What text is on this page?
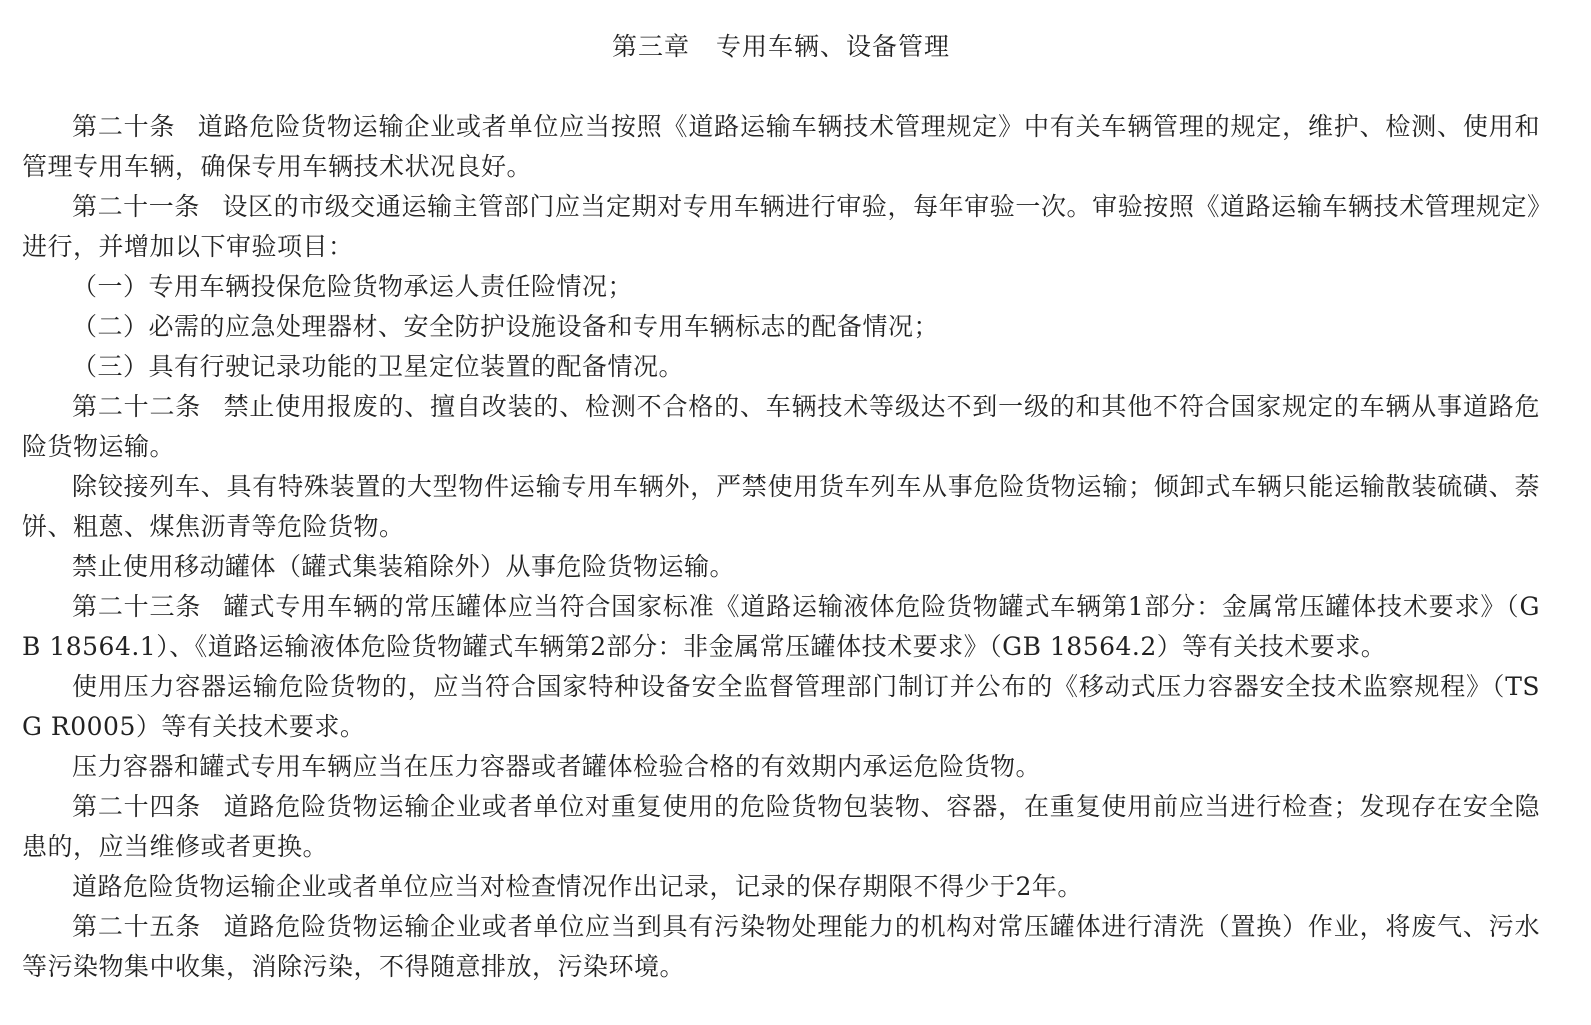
第三章　专用车辆、设备管理

第二十条 道路危险货物运输企业或者单位应当按照《道路运输车辆技术管理规定》中有关车辆管理的规定，维护、检测、使用和管理专用车辆，确保专用车辆技术状况良好。

第二十一条 设区的市级交通运输主管部门应当定期对专用车辆进行审验，每年审验一次。审验按照《道路运输车辆技术管理规定》进行，并增加以下审验项目：

（一）专用车辆投保危险货物承运人责任险情况；

（二）必需的应急处理器材、安全防护设施设备和专用车辆标志的配备情况；

（三）具有行驶记录功能的卫星定位装置的配备情况。

第二十二条 禁止使用报废的、擅自改装的、检测不合格的、车辆技术等级达不到一级的和其他不符合国家规定的车辆从事道路危险货物运输。

除铰接列车、具有特殊装置的大型物件运输专用车辆外，严禁使用货车列车从事危险货物运输；倾卸式车辆只能运输散装硫磺、萘饼、粗蒽、煤焦沥青等危险货物。

禁止使用移动罐体（罐式集装箱除外）从事危险货物运输。

第二十三条 罐式专用车辆的常压罐体应当符合国家标准《道路运输液体危险货物罐式车辆第1部分：金属常压罐体技术要求》（GB 18564.1）、《道路运输液体危险货物罐式车辆第2部分：非金属常压罐体技术要求》（GB 18564.2）等有关技术要求。

使用压力容器运输危险货物的，应当符合国家特种设备安全监督管理部门制订并公布的《移动式压力容器安全技术监察规程》（TSG R0005）等有关技术要求。

压力容器和罐式专用车辆应当在压力容器或者罐体检验合格的有效期内承运危险货物。

第二十四条 道路危险货物运输企业或者单位对重复使用的危险货物包装物、容器，在重复使用前应当进行检查；发现存在安全隐患的，应当维修或者更换。

道路危险货物运输企业或者单位应当对检查情况作出记录，记录的保存期限不得少于2年。

第二十五条 道路危险货物运输企业或者单位应当到具有污染物处理能力的机构对常压罐体进行清洗（置换）作业，将废气、污水等污染物集中收集，消除污染，不得随意排放，污染环境。
